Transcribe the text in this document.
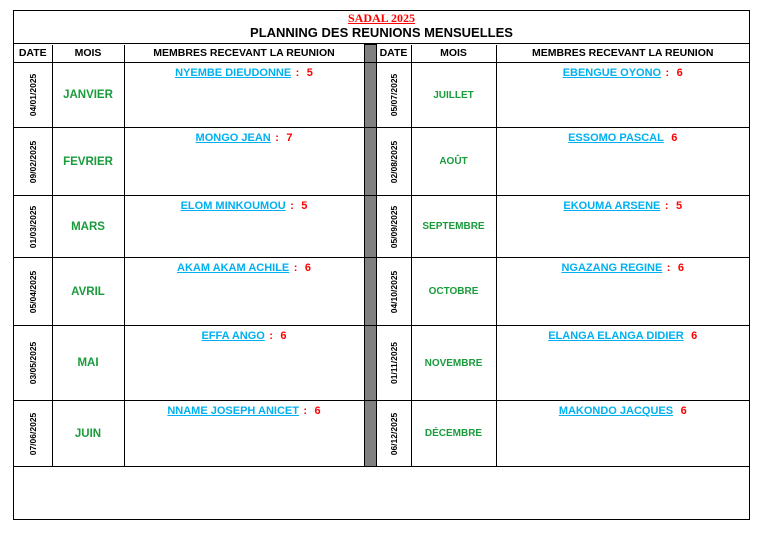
SADAL 2025
PLANNING DES REUNIONS MENSUELLES
DATE	MOIS	MEMBRES RECEVANT LA REUNION		DATE	MOIS	MEMBRES RECEVANT LA REUNION

04/01/2025	JANVIER	NYEMBE DIEUDONNE : 5		05/07/2025	JUILLET	EBENGUE OYONO : 6

09/02/2025	FEVRIER	MONGO JEAN : 7		02/08/2025	AOÛT	ESSOMO PASCAL 6

01/03/2025	MARS	ELOM MINKOUMOU : 5		05/09/2025	SEPTEMBRE	EKOUMA ARSENE : 5

05/04/2025	AVRIL	AKAM AKAM ACHILE : 6		04/10/2025	OCTOBRE	NGAZANG REGINE : 6

03/05/2025	MAI	EFFA ANGO : 6		01/11/2025	NOVEMBRE	ELANGA ELANGA DIDIER 6

07/06/2025	JUIN	NNAME JOSEPH ANICET : 6		06/12/2025	DÉCEMBRE	MAKONDO JACQUES 6
